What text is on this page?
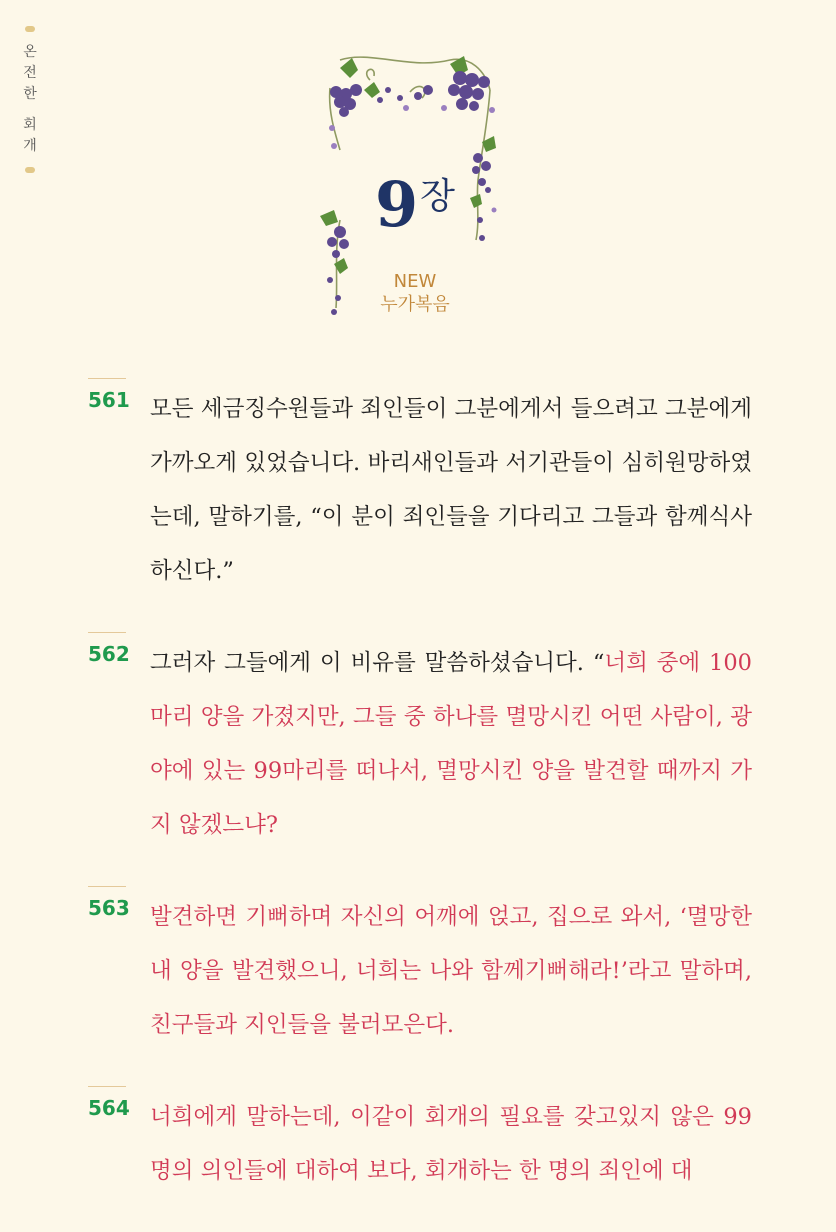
온
전
한
회
개
9장
NEW
누가복음
561 모든 세금징수원들과 죄인들이 그분에게서 들으려고 그분에게 가까오게 있었습니다. 바리새인들과 서기관들이 심히원망하였는데, 말하기를, “이 분이 죄인들을 기다리고 그들과 함께식사하신다.”
562 그러자 그들에게 이 비유를 말씀하셨습니다. “너희 중에 100마리 양을 가졌지만, 그들 중 하나를 멸망시킨 어떤 사람이, 광야에 있는 99마리를 떠나서, 멸망시킨 양을 발견할 때까지 가지 않겠느냐?
563 발견하면 기뻐하며 자신의 어깨에 얹고, 집으로 와서, ‘멸망한 내 양을 발견했으니, 너희는 나와 함께기뻐해라!’라고 말하며, 친구들과 지인들을 불러모은다.
564 너희에게 말하는데, 이같이 회개의 필요를 갖고있지 않은 99명의 의인들에 대하여 보다, 회개하는 한 명의 죄인에 대
